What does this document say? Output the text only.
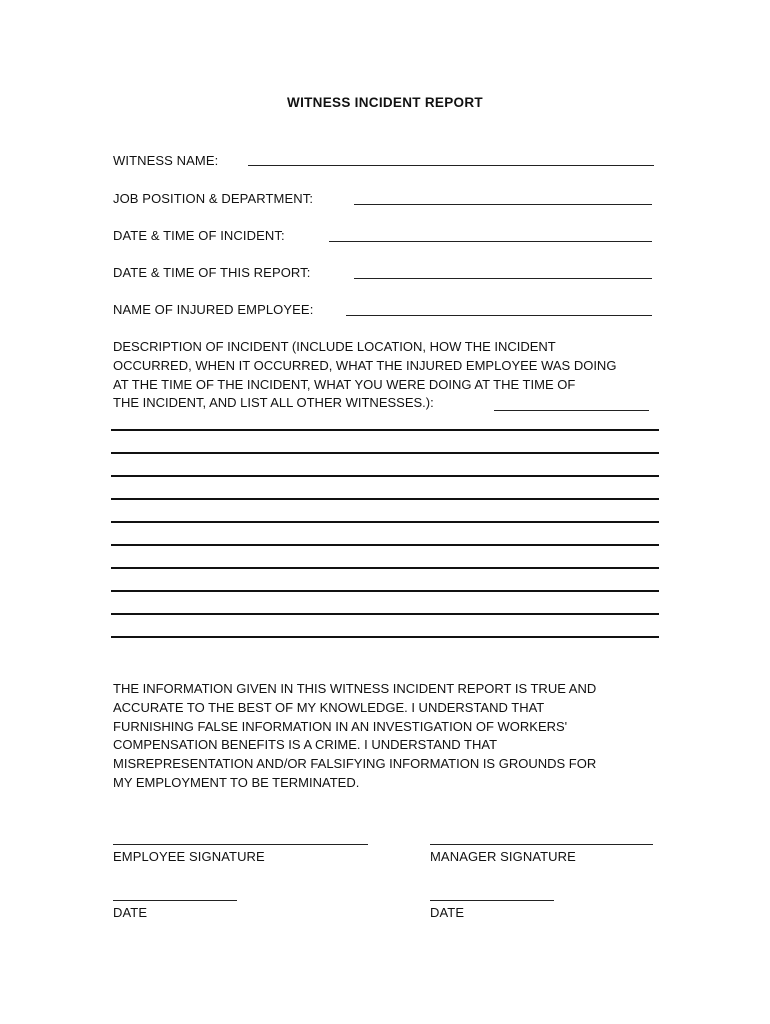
WITNESS INCIDENT REPORT
WITNESS NAME:
JOB POSITION & DEPARTMENT:
DATE & TIME OF INCIDENT:
DATE & TIME OF THIS REPORT:
NAME OF INJURED EMPLOYEE:
DESCRIPTION OF INCIDENT (INCLUDE LOCATION, HOW THE INCIDENT
OCCURRED, WHEN IT OCCURRED, WHAT THE INJURED EMPLOYEE WAS DOING
AT THE TIME OF THE INCIDENT, WHAT YOU WERE DOING AT THE TIME OF
THE INCIDENT, AND LIST ALL OTHER WITNESSES.):
THE INFORMATION GIVEN IN THIS WITNESS INCIDENT REPORT IS TRUE AND
ACCURATE TO THE BEST OF MY KNOWLEDGE. I UNDERSTAND THAT
FURNISHING FALSE INFORMATION IN AN INVESTIGATION OF WORKERS'
COMPENSATION BENEFITS IS A CRIME. I UNDERSTAND THAT
MISREPRESENTATION AND/OR FALSIFYING INFORMATION IS GROUNDS FOR
MY EMPLOYMENT TO BE TERMINATED.
EMPLOYEE SIGNATURE	MANAGER SIGNATURE
DATE	DATE
